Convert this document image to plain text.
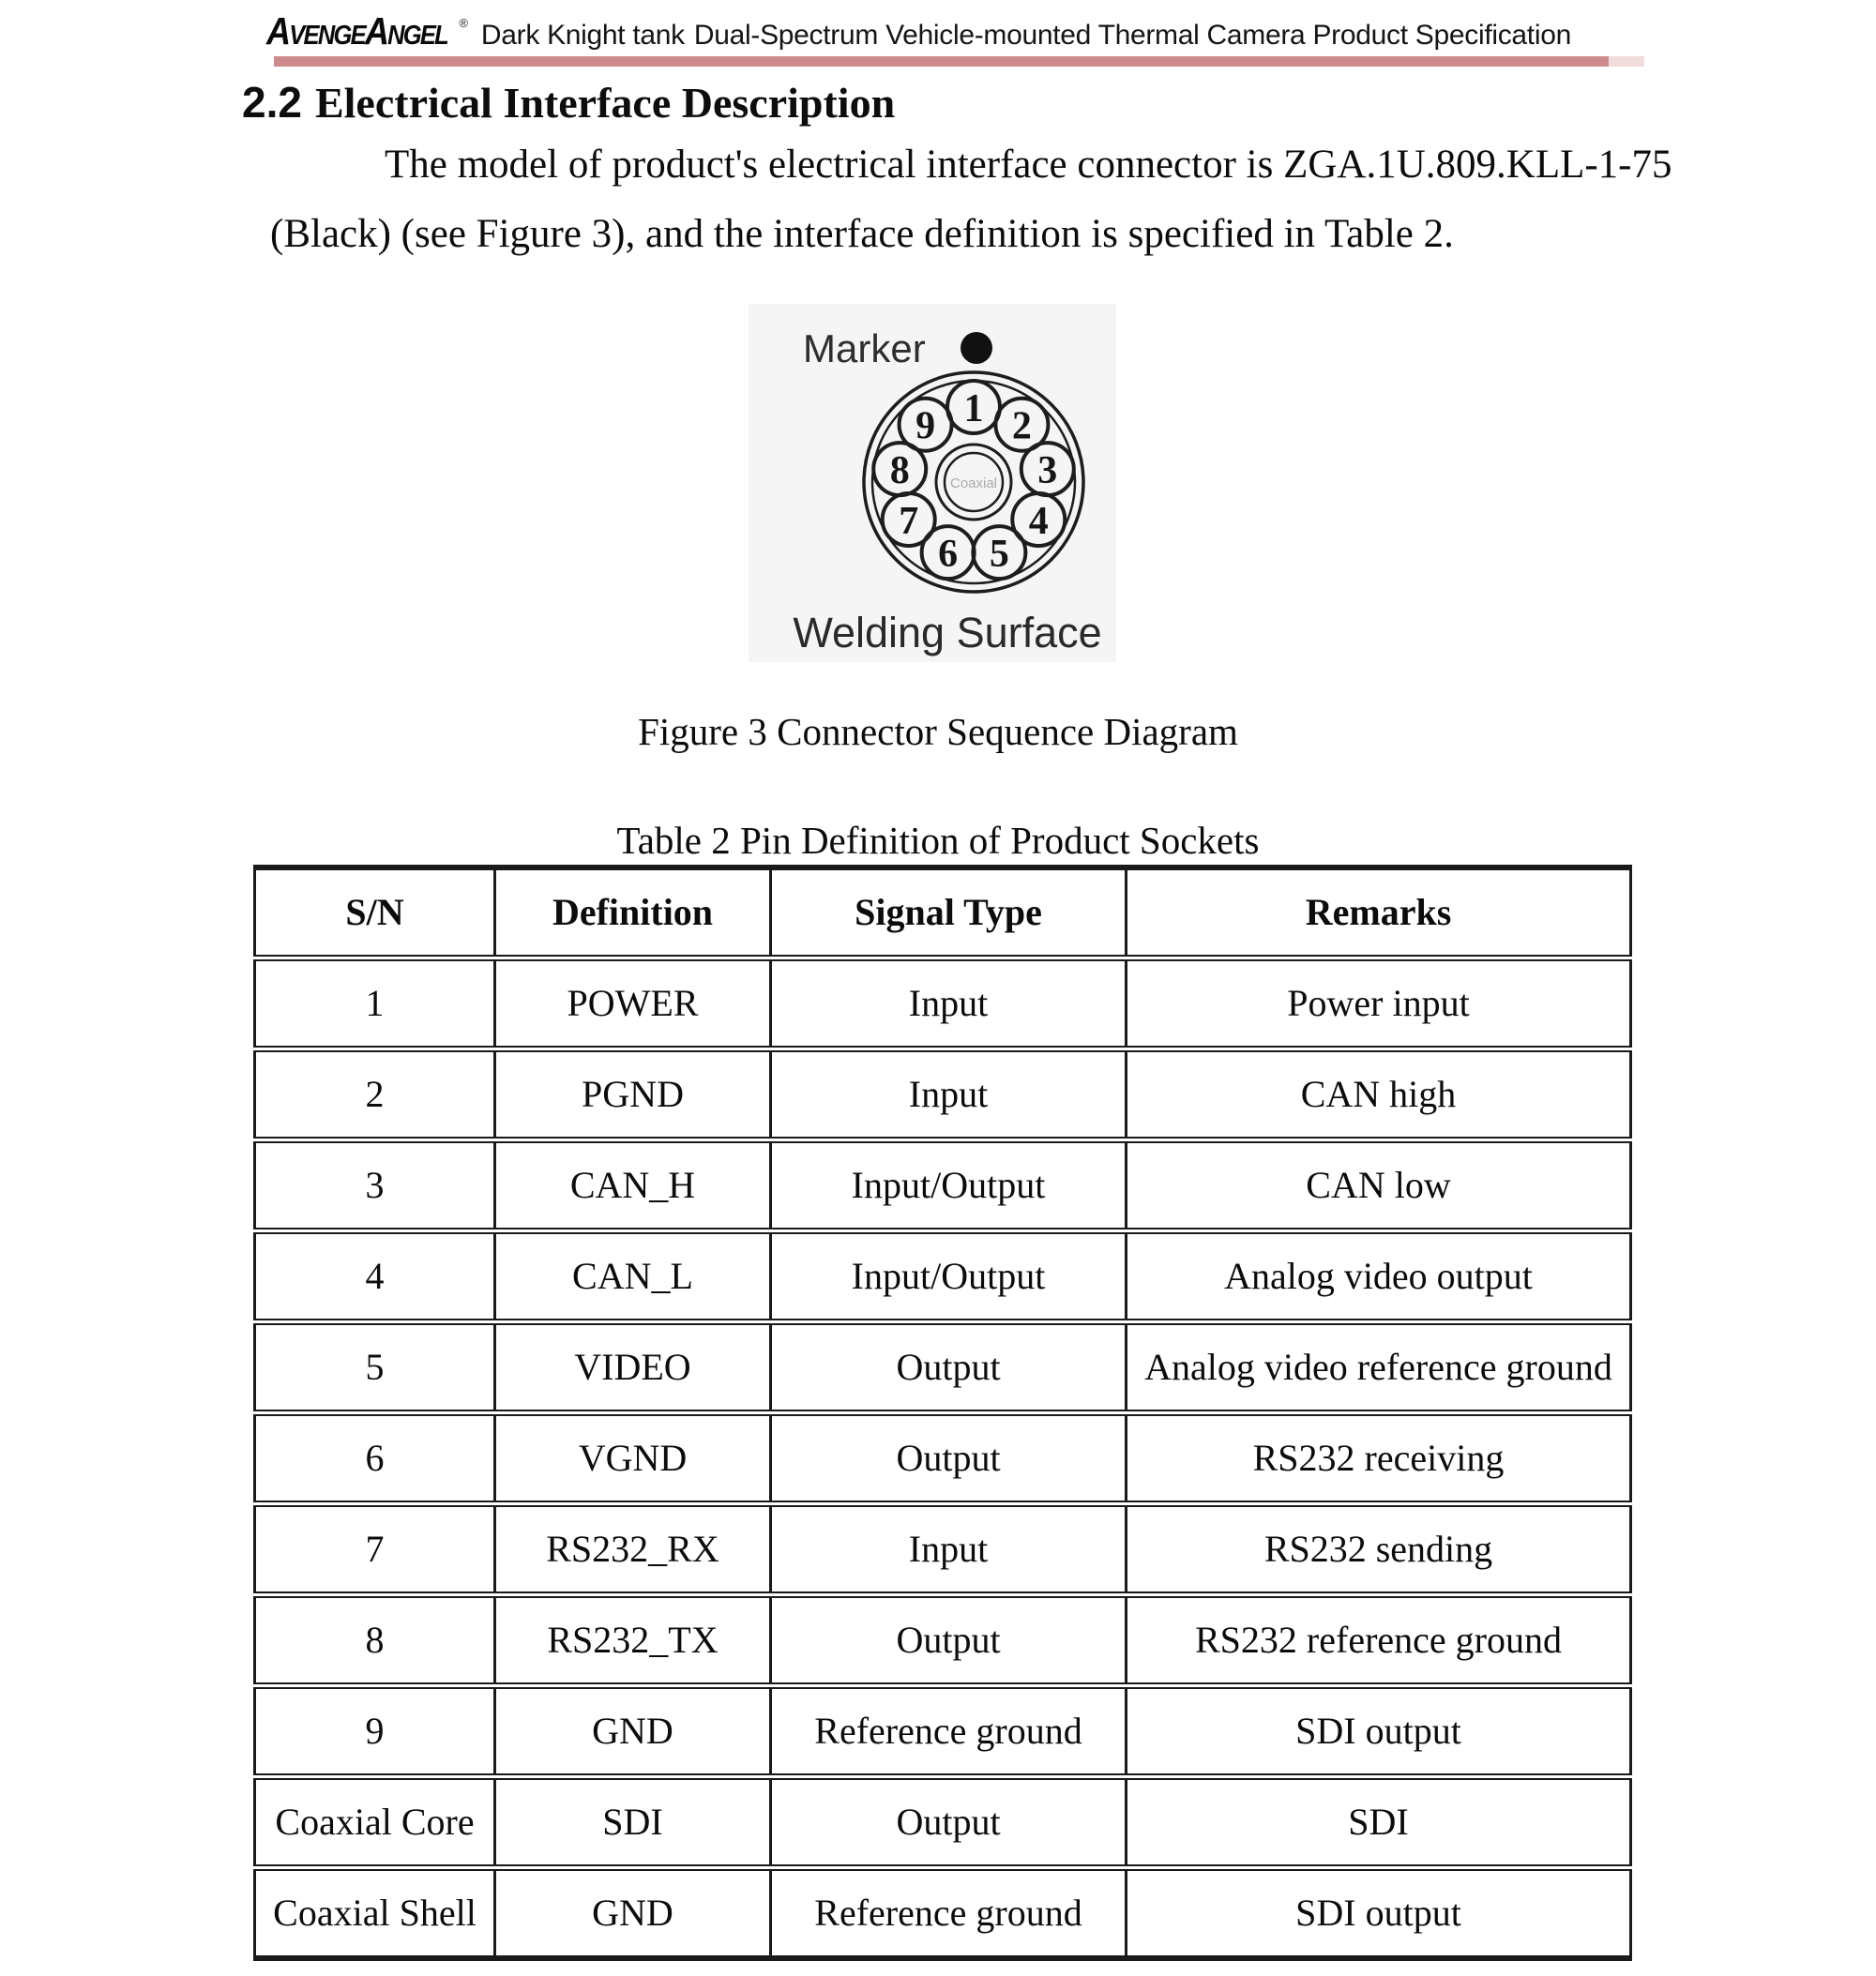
AvengeAngel ® Dark Knight tank Dual-Spectrum Vehicle-mounted Thermal Camera Product Specification
2.2 Electrical Interface Description
The model of product's electrical interface connector is ZGA.1U.809.KLL-1-75
(Black) (see Figure 3), and the interface definition is specified in Table 2.
Marker
1 2
3
4
5
6
7
8
9
Coaxial
Welding Surface
Figure 3 Connector Sequence Diagram
Table 2 Pin Definition of Product Sockets
S/N	Definition	Signal Type	Remarks
1	POWER	Input	Power input
2	PGND	Input	CAN high
3	CAN_H	Input/Output	CAN low
4	CAN_L	Input/Output	Analog video output
5	VIDEO	Output	Analog video reference ground
6	VGND	Output	RS232 receiving
7	RS232_RX	Input	RS232 sending
8	RS232_TX	Output	RS232 reference ground
9	GND	Reference ground	SDI output
Coaxial Core	SDI	Output	SDI
Coaxial Shell	GND	Reference ground	SDI output
